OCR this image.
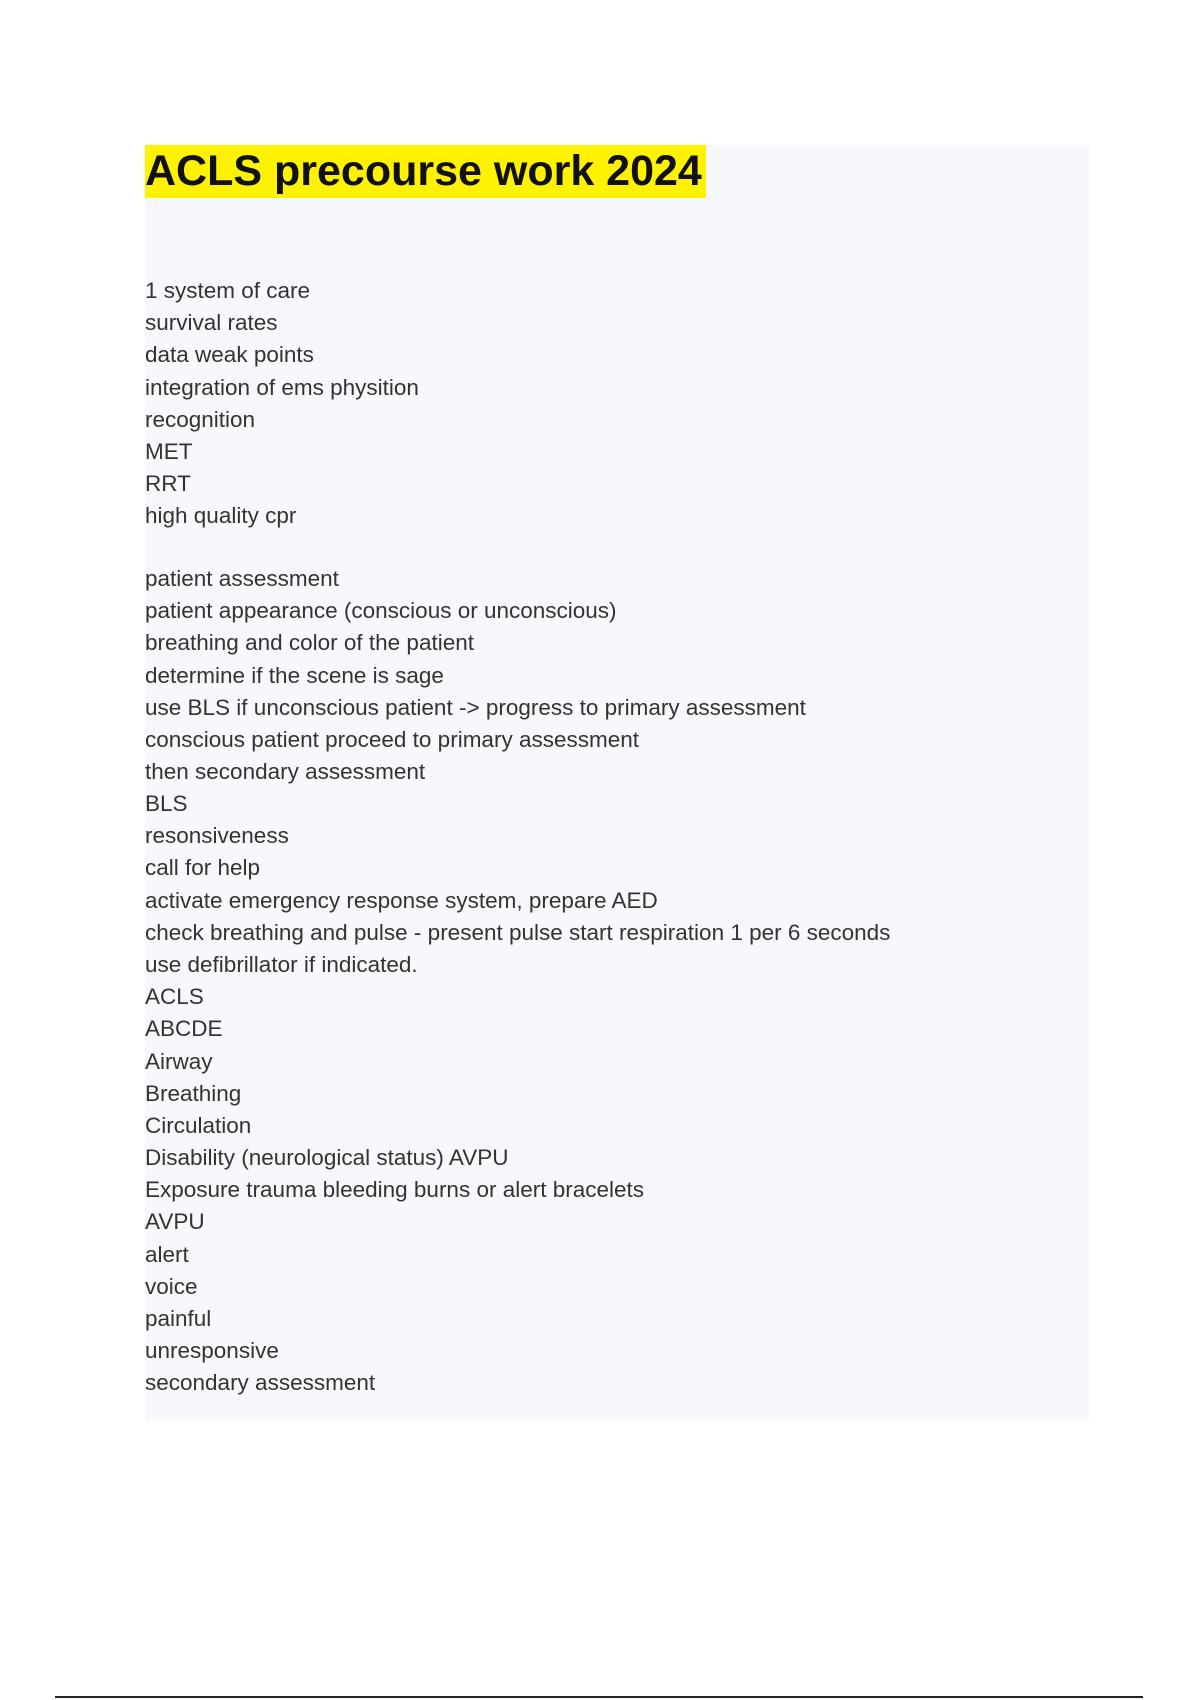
ACLS precourse work 2024
1 system of care
survival rates
data weak points
integration of ems physition
recognition
MET
RRT
high quality cpr
patient assessment
patient appearance (conscious or unconscious)
breathing and color of the patient
determine if the scene is sage
use BLS if unconscious patient -> progress to primary assessment
conscious patient proceed to primary assessment
then secondary assessment
BLS
resonsiveness
call for help
activate emergency response system, prepare AED
check breathing and pulse - present pulse start respiration 1 per 6 seconds
use defibrillator if indicated.
ACLS
ABCDE
Airway
Breathing
Circulation
Disability (neurological status) AVPU
Exposure trauma bleeding burns or alert bracelets
AVPU
alert
voice
painful
unresponsive
secondary assessment
